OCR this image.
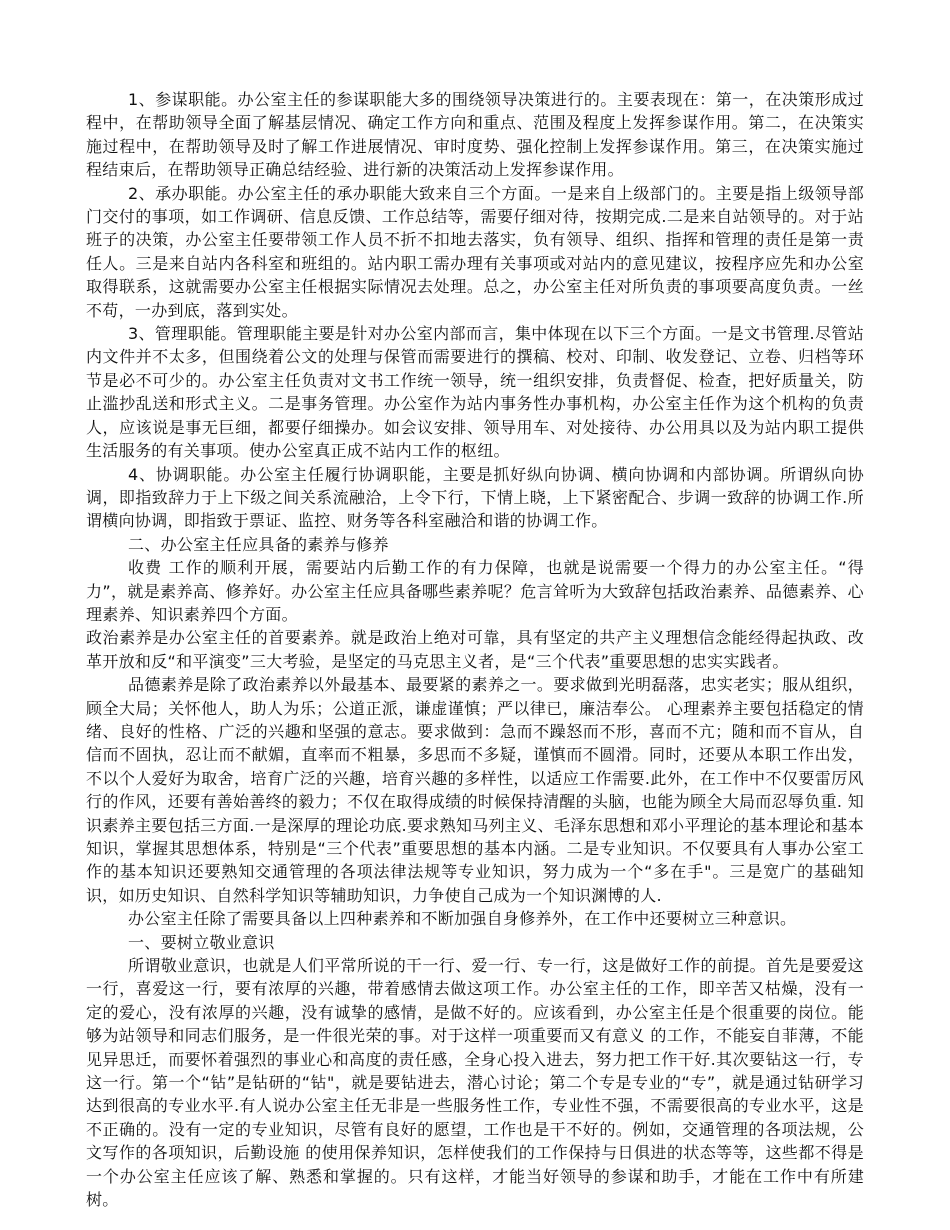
1、参谋职能。办公室主任的参谋职能大多的围绕领导决策进行的。主要表现在：第一，在决策形成过程中，在帮助领导全面了解基层情况、确定工作方向和重点、范围及程度上发挥参谋作用。第二，在决策实施过程中，在帮助领导及时了解工作进展情况、审时度势、强化控制上发挥参谋作用。第三，在决策实施过程结束后，在帮助领导正确总结经验、进行新的决策活动上发挥参谋作用。

2、承办职能。办公室主任的承办职能大致来自三个方面。一是来自上级部门的。主要是指上级领导部门交付的事项，如工作调研、信息反馈、工作总结等，需要仔细对待，按期完成.二是来自站领导的。对于站班子的决策，办公室主任要带领工作人员不折不扣地去落实，负有领导、组织、指挥和管理的责任是第一责任人。三是来自站内各科室和班组的。站内职工需办理有关事项或对站内的意见建议，按程序应先和办公室取得联系，这就需要办公室主任根据实际情况去处理。总之，办公室主任对所负责的事项要高度负责。一丝不苟，一办到底，落到实处。

3、管理职能。管理职能主要是针对办公室内部而言，集中体现在以下三个方面。一是文书管理.尽管站内文件并不太多，但围绕着公文的处理与保管而需要进行的撰稿、校对、印制、收发登记、立卷、归档等环节是必不可少的。办公室主任负责对文书工作统一领导，统一组织安排，负责督促、检查，把好质量关，防止滥抄乱送和形式主义。二是事务管理。办公室作为站内事务性办事机构，办公室主任作为这个机构的负责人，应该说是事无巨细，都要仔细操办。如会议安排、领导用车、对处接待、办公用具以及为站内职工提供生活服务的有关事项。使办公室真正成不站内工作的枢纽。

4、协调职能。办公室主任履行协调职能，主要是抓好纵向协调、横向协调和内部协调。所谓纵向协调，即指致辞力于上下级之间关系流融洽，上令下行，下情上晓，上下紧密配合、步调一致辞的协调工作.所谓横向协调，即指致于票证、监控、财务等各科室融洽和谐的协调工作。

二、办公室主任应具备的素养与修养

收费 工作的顺利开展，需要站内后勤工作的有力保障，也就是说需要一个得力的办公室主任。“得力”，就是素养高、修养好。办公室主任应具备哪些素养呢？危言耸听为大致辞包括政治素养、品德素养、心理素养、知识素养四个方面。

政治素养是办公室主任的首要素养。就是政治上绝对可靠，具有坚定的共产主义理想信念能经得起执政、改革开放和反“和平演变”三大考验，是坚定的马克思主义者，是“三个代表”重要思想的忠实实践者。

品德素养是除了政治素养以外最基本、最要紧的素养之一。要求做到光明磊落，忠实老实；服从组织，顾全大局；关怀他人，助人为乐；公道正派，谦虚谨慎；严以律已，廉洁奉公。 心理素养主要包括稳定的情绪、良好的性格、广泛的兴趣和坚强的意志。要求做到：急而不躁怒而不形，喜而不亢；随和而不盲从，自信而不固执，忍让而不献媚，直率而不粗暴，多思而不多疑，谨慎而不圆滑。同时，还要从本职工作出发，不以个人爱好为取舍，培育广泛的兴趣，培育兴趣的多样性，以适应工作需要.此外，在工作中不仅要雷厉风行的作风，还要有善始善终的毅力；不仅在取得成绩的时候保持清醒的头脑，也能为顾全大局而忍辱负重. 知识素养主要包括三方面.一是深厚的理论功底.要求熟知马列主义、毛泽东思想和邓小平理论的基本理论和基本知识，掌握其思想体系，特别是“三个代表”重要思想的基本内涵。二是专业知识。不仅要具有人事办公室工作的基本知识还要熟知交通管理的各项法律法规等专业知识，努力成为一个“多在手"。三是宽广的基础知识，如历史知识、自然科学知识等辅助知识，力争使自己成为一个知识渊博的人.

办公室主任除了需要具备以上四种素养和不断加强自身修养外，在工作中还要树立三种意识。

一、要树立敬业意识

所谓敬业意识，也就是人们平常所说的干一行、爱一行、专一行，这是做好工作的前提。首先是要爱这一行，喜爱这一行，要有浓厚的兴趣，带着感情去做这项工作。办公室主任的工作，即辛苦又枯燥，没有一定的爱心，没有浓厚的兴趣，没有诚挚的感情，是做不好的。应该看到，办公室主任是个很重要的岗位。能够为站领导和同志们服务，是一件很光荣的事。对于这样一项重要而又有意义 的工作，不能妄自菲薄，不能见异思迁，而要怀着强烈的事业心和高度的责任感，全身心投入进去，努力把工作干好.其次要钻这一行，专这一行。第一个“钻”是钻研的“钻"，就是要钻进去，潜心讨论；第二个专是专业的“专”，就是通过钻研学习达到很高的专业水平.有人说办公室主任无非是一些服务性工作，专业性不强，不需要很高的专业水平，这是不正确的。没有一定的专业知识，尽管有良好的愿望，工作也是干不好的。例如，交通管理的各项法规，公文写作的各项知识，后勤设施 的使用保养知识，怎样使我们的工作保持与日俱进的状态等等，这些都不得是一个办公室主任应该了解、熟悉和掌握的。只有这样，才能当好领导的参谋和助手，才能在工作中有所建树。
